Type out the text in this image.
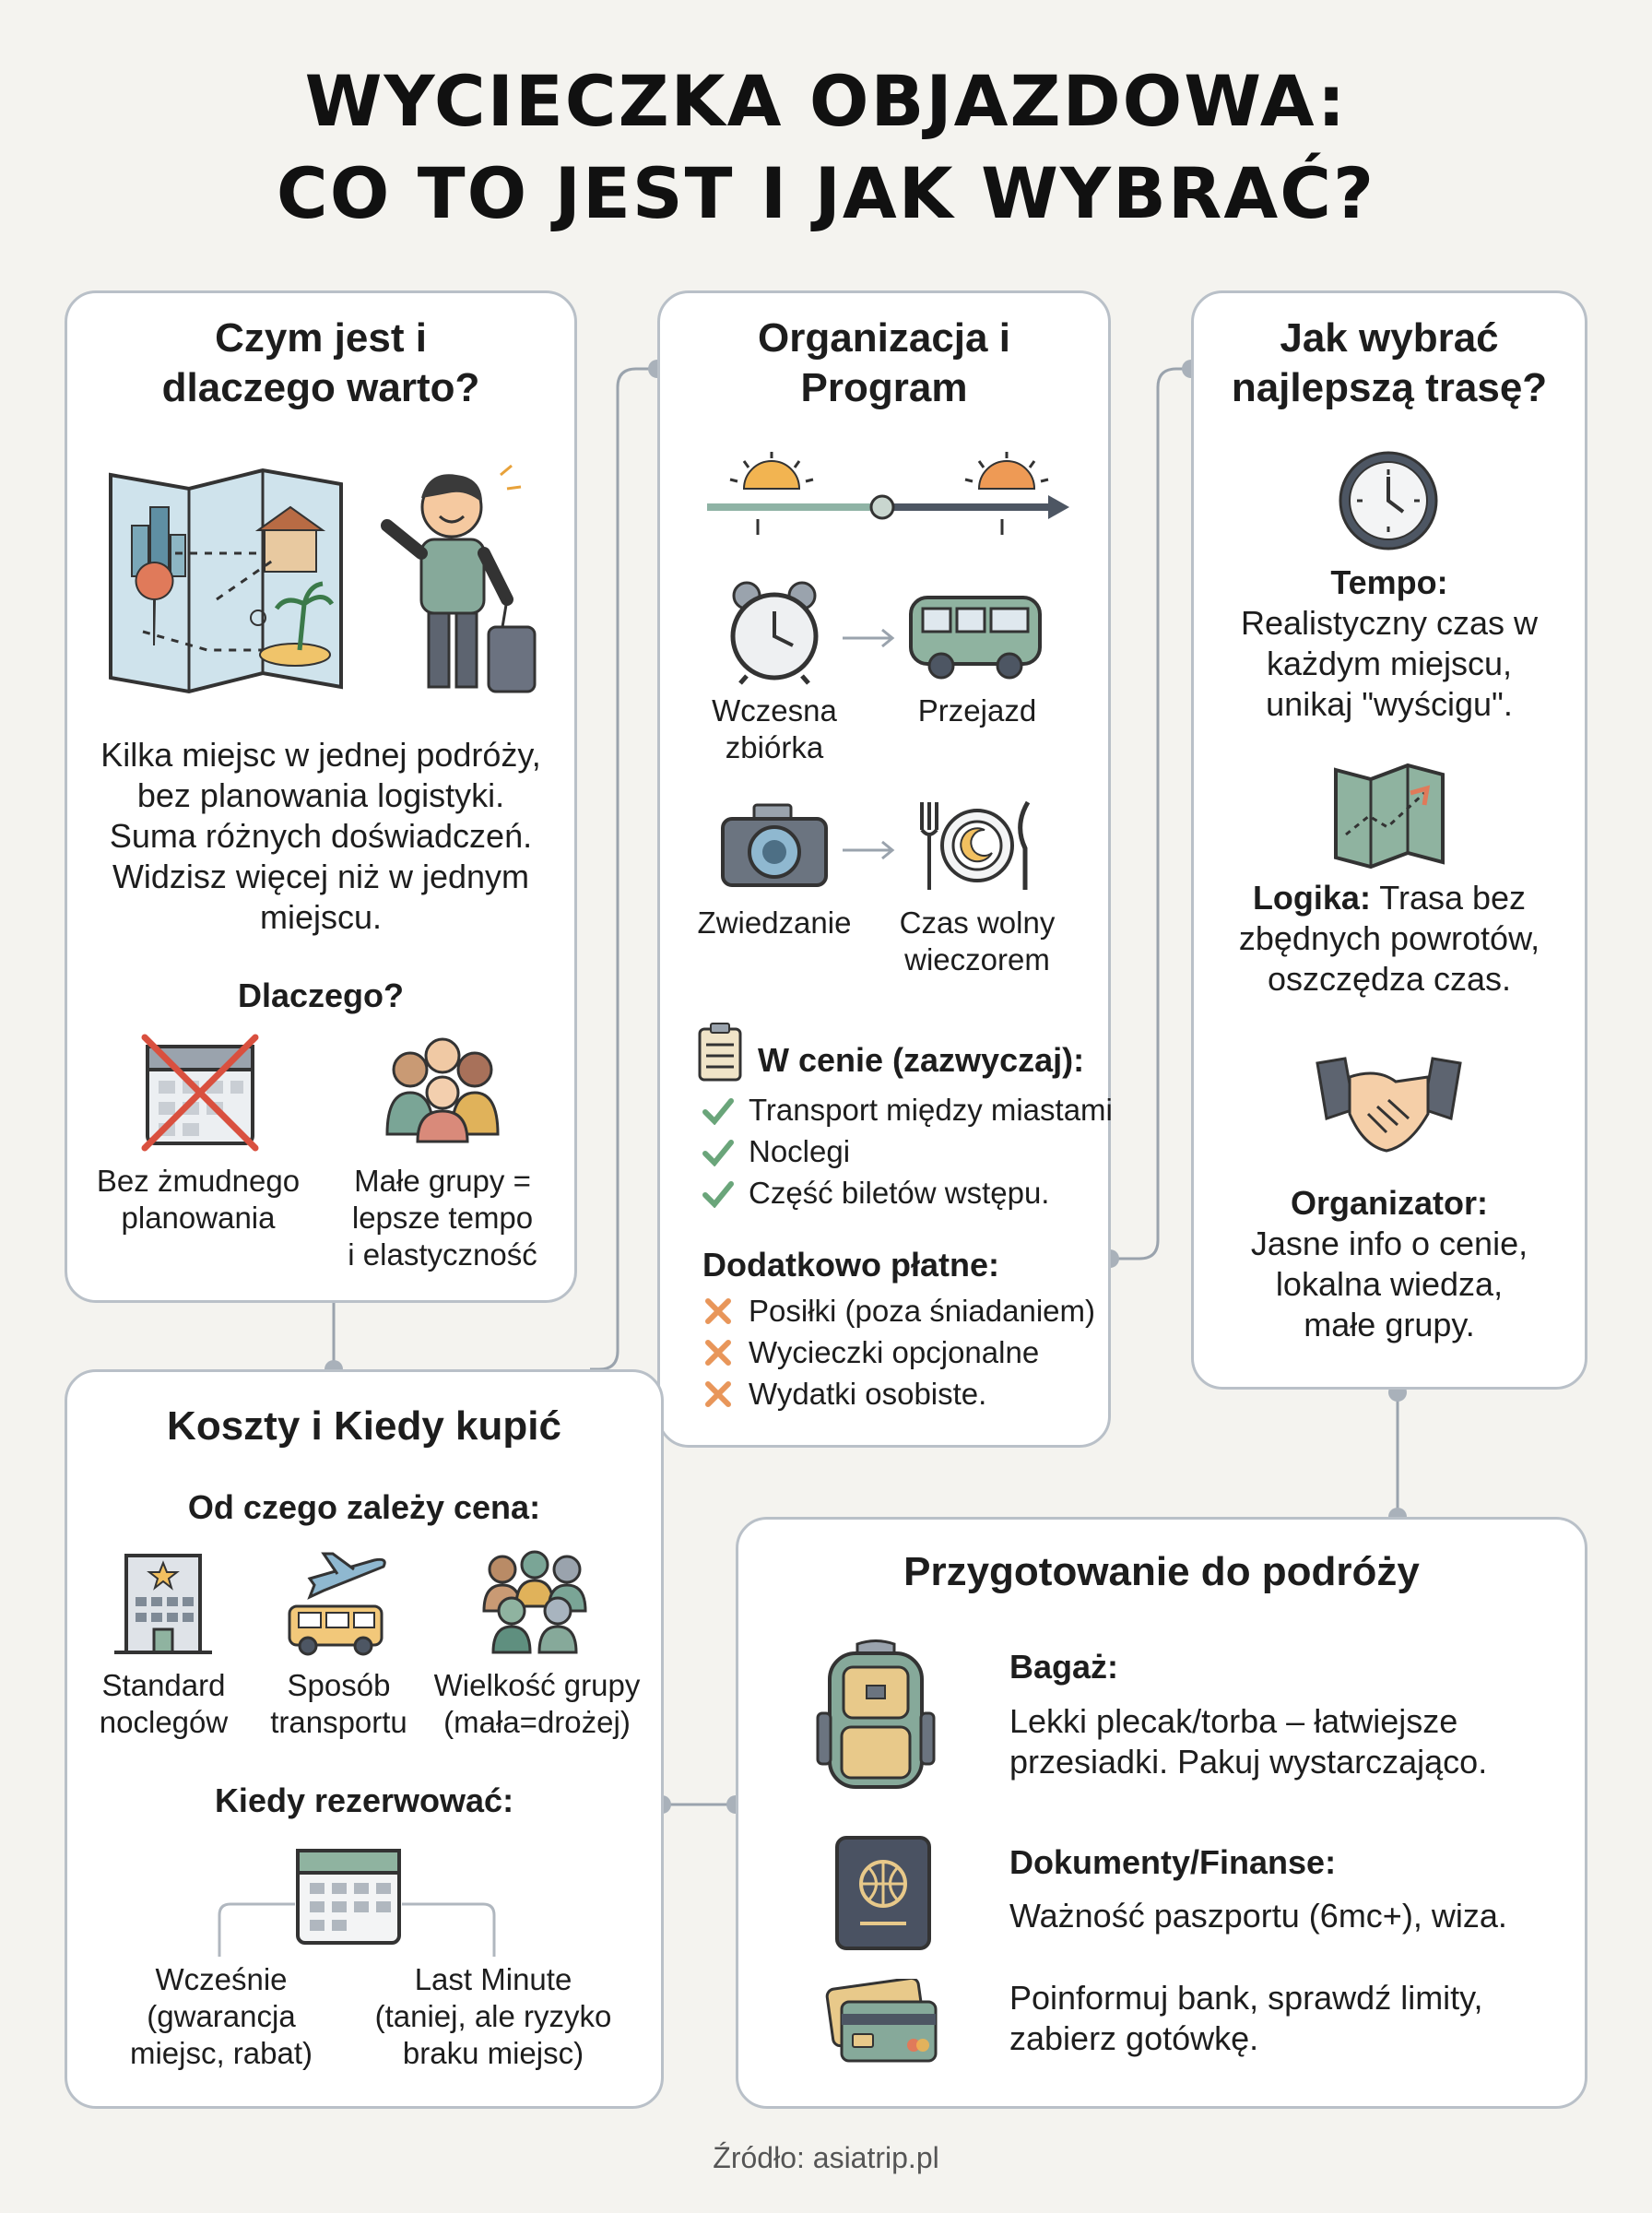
WYCIECZKA OBJAZDOWA:
CO TO JEST I JAK WYBRAĆ?
Czym jest i
dlaczego warto?
Kilka miejsc w jednej podróży,
bez planowania logistyki.
Suma różnych doświadczeń.
Widzisz więcej niż w jednym
miejscu.
Dlaczego?
Bez żmudnego
planowania
Małe grupy =
lepsze tempo
i elastyczność
Organizacja i
Program
Wczesna
zbiórka
Przejazd
Zwiedzanie	Czas wolny
wieczorem
W cenie (zazwyczaj):
Transport między miastami
Noclegi
Część biletów wstępu.
Dodatkowo płatne:
Posiłki (poza śniadaniem)
Wycieczki opcjonalne
Wydatki osobiste.
Jak wybrać
najlepszą trasę?
Tempo:
Realistyczny czas w
każdym miejscu,
unikaj "wyścigu".
Logika: Trasa bez
zbędnych powrotów,
oszczędza czas.
Organizator:
Jasne info o cenie,
lokalna wiedza,
małe grupy.
Koszty i Kiedy kupić
Od czego zależy cena:
Standard
noclegów
Sposób
transportu
Wielkość grupy
(mała=drożej)
Kiedy rezerwować:
Wcześnie
(gwarancja
miejsc, rabat)
Last Minute
(taniej, ale ryzyko
braku miejsc)
Przygotowanie do podróży
Bagaż:
Lekki plecak/torba – łatwiejsze
przesiadki. Pakuj wystarczająco.
Dokumenty/Finanse:
Ważność paszportu (6mc+), wiza.
Poinformuj bank, sprawdź limity,
zabierz gotówkę.
Źródło: asiatrip.pl
